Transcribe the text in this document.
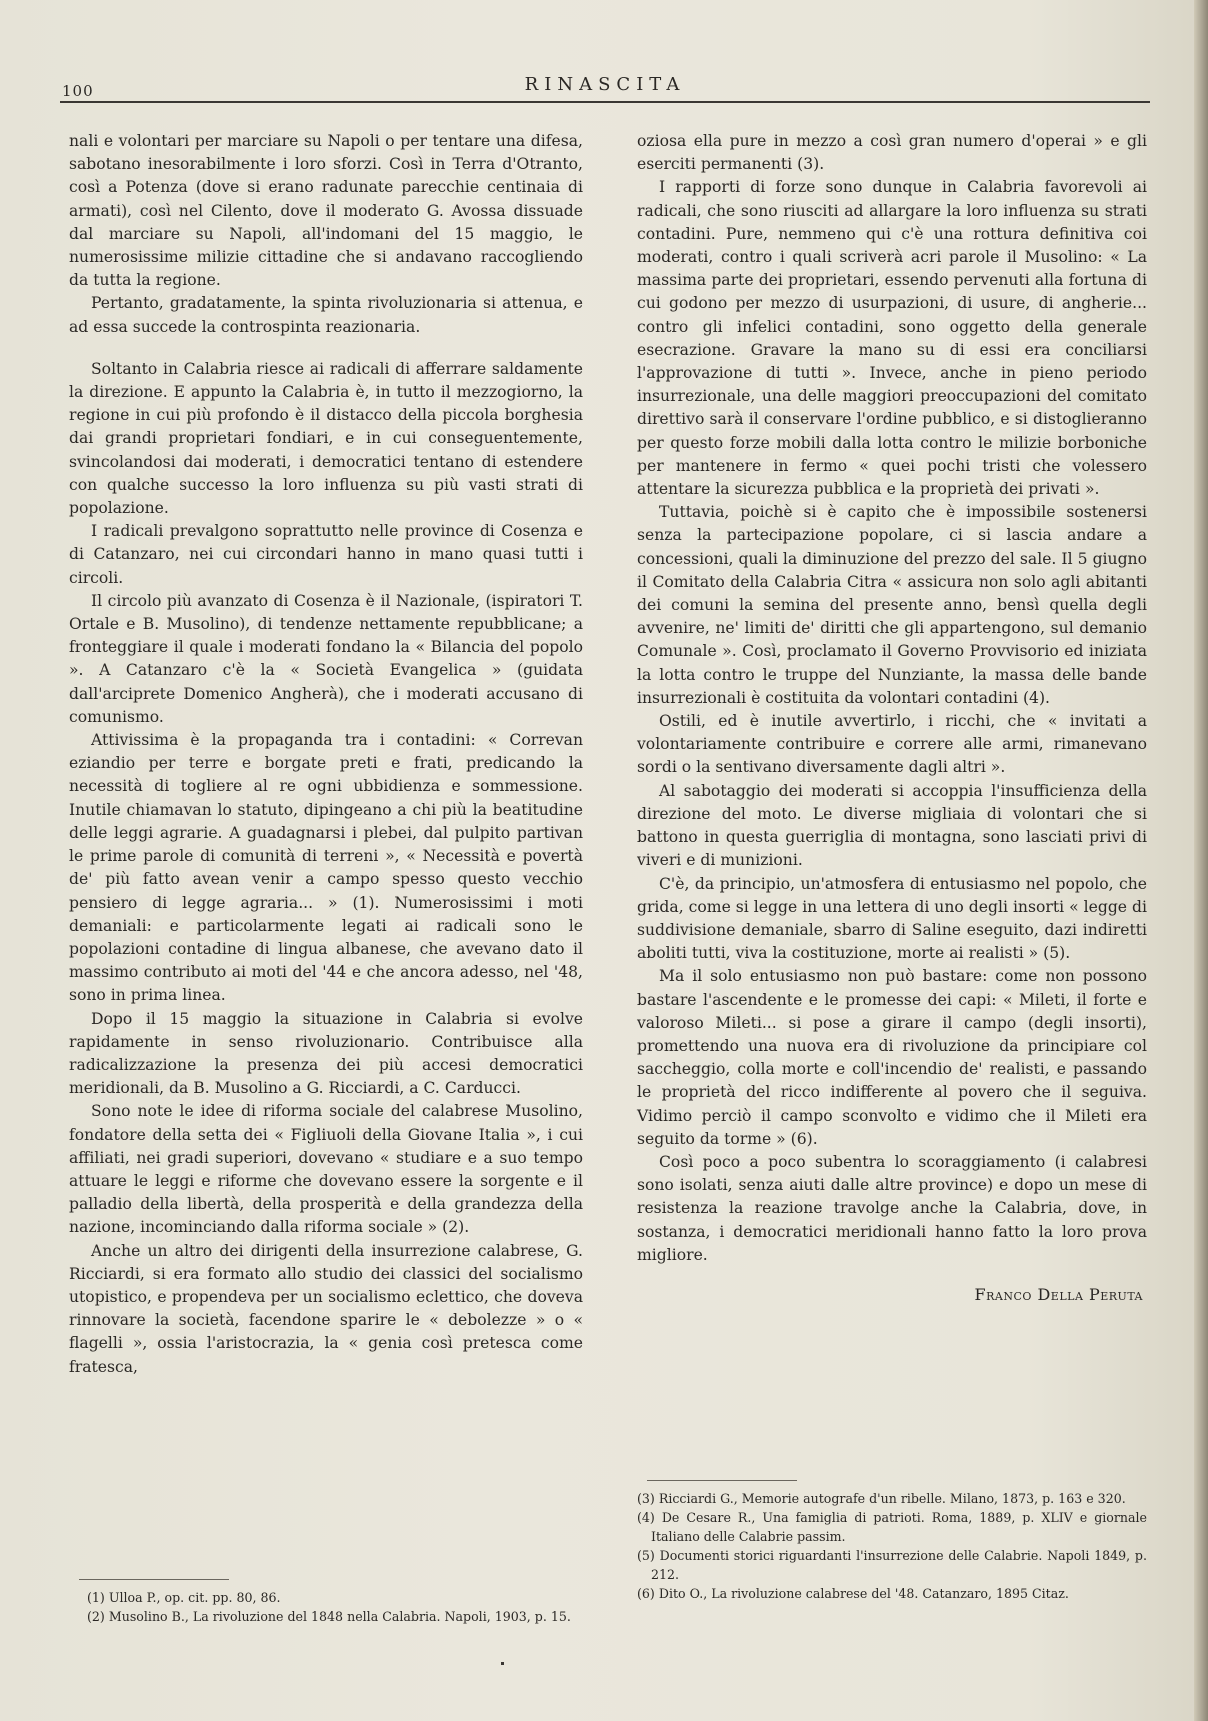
100	RINASCITA

nali e volontari per marciare su Napoli o per tentare una difesa, sabotano inesorabilmente i loro sforzi. Così in Terra d'Otranto, così a Potenza (dove si erano radunate parecchie centinaia di armati), così nel Cilento, dove il moderato G. Avossa dissuade dal marciare su Napoli, all'indomani del 15 maggio, le numerosissime milizie cittadine che si andavano raccogliendo da tutta la regione.

Pertanto, gradatamente, la spinta rivoluzionaria si attenua, e ad essa succede la controspinta reazionaria.

Soltanto in Calabria riesce ai radicali di afferrare saldamente la direzione. E appunto la Calabria è, in tutto il mezzogiorno, la regione in cui più profondo è il distacco della piccola borghesia dai grandi proprietari fondiari, e in cui conseguentemente, svincolandosi dai moderati, i democratici tentano di estendere con qualche successo la loro influenza su più vasti strati di popolazione.

I radicali prevalgono soprattutto nelle province di Cosenza e di Catanzaro, nei cui circondari hanno in mano quasi tutti i circoli.

Il circolo più avanzato di Cosenza è il Nazionale, (ispiratori T. Ortale e B. Musolino), di tendenze nettamente repubblicane; a fronteggiare il quale i moderati fondano la « Bilancia del popolo ». A Catanzaro c'è la « Società Evangelica » (guidata dall'arciprete Domenico Angherà), che i moderati accusano di comunismo.

Attivissima è la propaganda tra i contadini: « Correvan eziandio per terre e borgate preti e frati, predicando la necessità di togliere al re ogni ubbidienza e sommessione. Inutile chiamavan lo statuto, dipingeano a chi più la beatitudine delle leggi agrarie. A guadagnarsi i plebei, dal pulpito partivan le prime parole di comunità di terreni », « Necessità e povertà de' più fatto avean venir a campo spesso questo vecchio pensiero di legge agraria... » (1). Numerosissimi i moti demaniali: e particolarmente legati ai radicali sono le popolazioni contadine di lingua albanese, che avevano dato il massimo contributo ai moti del '44 e che ancora adesso, nel '48, sono in prima linea.

Dopo il 15 maggio la situazione in Calabria si evolve rapidamente in senso rivoluzionario. Contribuisce alla radicalizzazione la presenza dei più accesi democratici meridionali, da B. Musolino a G. Ricciardi, a C. Carducci.

Sono note le idee di riforma sociale del calabrese Musolino, fondatore della setta dei « Figliuoli della Giovane Italia », i cui affiliati, nei gradi superiori, dovevano « studiare e a suo tempo attuare le leggi e riforme che dovevano essere la sorgente e il palladio della libertà, della prosperità e della grandezza della nazione, incominciando dalla riforma sociale » (2).

Anche un altro dei dirigenti della insurrezione calabrese, G. Ricciardi, si era formato allo studio dei classici del socialismo utopistico, e propendeva per un socialismo eclettico, che doveva rinnovare la società, facendone sparire le « debolezze » o « flagelli », ossia l'aristocrazia, la « genia così pretesca come fratesca,

(1) Ulloa P., op. cit. pp. 80, 86.

(2) Musolino B., La rivoluzione del 1848 nella Calabria. Napoli, 1903, p. 15.

oziosa ella pure in mezzo a così gran numero d'operai » e gli eserciti permanenti (3).

I rapporti di forze sono dunque in Calabria favorevoli ai radicali, che sono riusciti ad allargare la loro influenza su strati contadini. Pure, nemmeno qui c'è una rottura definitiva coi moderati, contro i quali scriverà acri parole il Musolino: « La massima parte dei proprietari, essendo pervenuti alla fortuna di cui godono per mezzo di usurpazioni, di usure, di angherie... contro gli infelici contadini, sono oggetto della generale esecrazione. Gravare la mano su di essi era conciliarsi l'approvazione di tutti ». Invece, anche in pieno periodo insurrezionale, una delle maggiori preoccupazioni del comitato direttivo sarà il conservare l'ordine pubblico, e si distoglieranno per questo forze mobili dalla lotta contro le milizie borboniche per mantenere in fermo « quei pochi tristi che volessero attentare la sicurezza pubblica e la proprietà dei privati ».

Tuttavia, poichè si è capito che è impossibile sostenersi senza la partecipazione popolare, ci si lascia andare a concessioni, quali la diminuzione del prezzo del sale. Il 5 giugno il Comitato della Calabria Citra « assicura non solo agli abitanti dei comuni la semina del presente anno, bensì quella degli avvenire, ne' limiti de' diritti che gli appartengono, sul demanio Comunale ». Così, proclamato il Governo Provvisorio ed iniziata la lotta contro le truppe del Nunziante, la massa delle bande insurrezionali è costituita da volontari contadini (4).

Ostili, ed è inutile avvertirlo, i ricchi, che « invitati a volontariamente contribuire e correre alle armi, rimanevano sordi o la sentivano diversamente dagli altri ».

Al sabotaggio dei moderati si accoppia l'insufficienza della direzione del moto. Le diverse migliaia di volontari che si battono in questa guerriglia di montagna, sono lasciati privi di viveri e di munizioni.

C'è, da principio, un'atmosfera di entusiasmo nel popolo, che grida, come si legge in una lettera di uno degli insorti « legge di suddivisione demaniale, sbarro di Saline eseguito, dazi indiretti aboliti tutti, viva la costituzione, morte ai realisti » (5).

Ma il solo entusiasmo non può bastare: come non possono bastare l'ascendente e le promesse dei capi: « Mileti, il forte e valoroso Mileti... si pose a girare il campo (degli insorti), promettendo una nuova era di rivoluzione da principiare col saccheggio, colla morte e coll'incendio de' realisti, e passando le proprietà del ricco indifferente al povero che il seguiva. Vidimo perciò il campo sconvolto e vidimo che il Mileti era seguito da torme » (6).

Così poco a poco subentra lo scoraggiamento (i calabresi sono isolati, senza aiuti dalle altre province) e dopo un mese di resistenza la reazione travolge anche la Calabria, dove, in sostanza, i democratici meridionali hanno fatto la loro prova migliore.

Franco Della Peruta

(3) Ricciardi G., Memorie autografe d'un ribelle. Milano, 1873, p. 163 e 320.

(4) De Cesare R., Una famiglia di patrioti. Roma, 1889, p. XLIV e giornale Italiano delle Calabrie passim.

(5) Documenti storici riguardanti l'insurrezione delle Calabrie. Napoli 1849, p. 212.

(6) Dito O., La rivoluzione calabrese del '48. Catanzaro, 1895 Citaz.
